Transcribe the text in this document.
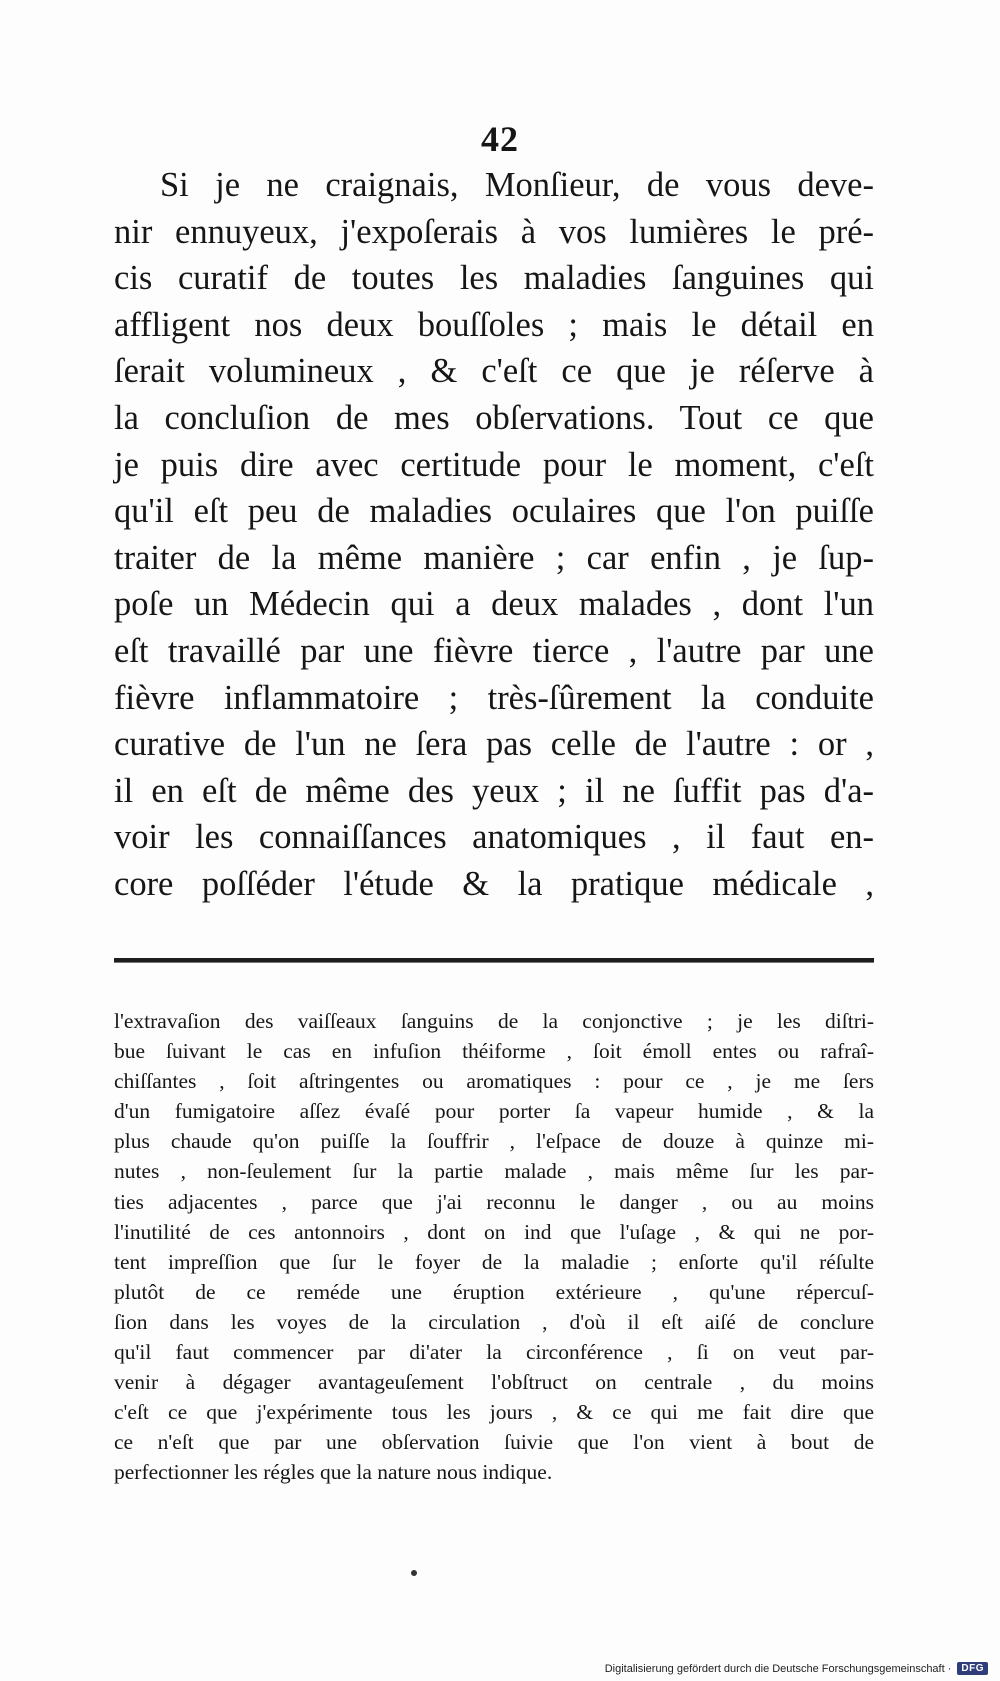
42
Si je ne craignais, Monſieur, de vous deve-
nir ennuyeux, j'expoſerais à vos lumières le pré-
cis curatif de toutes les maladies ſanguines qui
affligent nos deux bouſſoles ; mais le détail en
ſerait volumineux , & c'eſt ce que je réſerve à
la concluſion de mes obſervations. Tout ce que
je puis dire avec certitude pour le moment, c'eſt
qu'il eſt peu de maladies oculaires que l'on puiſſe
traiter de la même manière ; car enfin , je ſup-
poſe un Médecin qui a deux malades , dont l'un
eſt travaillé par une fièvre tierce , l'autre par une
fièvre inflammatoire ; très-ſûrement la conduite
curative de l'un ne ſera pas celle de l'autre : or ,
il en eſt de même des yeux ; il ne ſuffit pas d'a-
voir les connaiſſances anatomiques , il faut en-
core poſſéder l'étude & la pratique médicale ,
l'extravaſion des vaiſſeaux ſanguins de la conjonctive ; je les diſtri-
bue ſuivant le cas en infuſion théiforme , ſoit émoll entes ou rafraî-
chiſſantes , ſoit aſtringentes ou aromatiques : pour ce , je me ſers
d'un fumigatoire aſſez évaſé pour porter ſa vapeur humide , & la
plus chaude qu'on puiſſe la ſouffrir , l'eſpace de douze à quinze mi-
nutes , non-ſeulement ſur la partie malade , mais même ſur les par-
ties adjacentes , parce que j'ai reconnu le danger , ou au moins
l'inutilité de ces antonnoirs , dont on ind que l'uſage , & qui ne por-
tent impreſſion que ſur le foyer de la maladie ; enſorte qu'il réſulte
plutôt de ce reméde une éruption extérieure , qu'une répercuſ-
ſion dans les voyes de la circulation , d'où il eſt aiſé de conclure
qu'il faut commencer par di'ater la circonférence , ſi on veut par-
venir à dégager avantageuſement l'obſtruct on centrale , du moins
c'eſt ce que j'expérimente tous les jours , & ce qui me fait dire que
ce n'eſt que par une obſervation ſuivie que l'on vient à bout de
perfectionner les régles que la nature nous indique.
Digitalisierung gefördert durch die Deutsche Forschungsgemeinschaft ·	DFG
